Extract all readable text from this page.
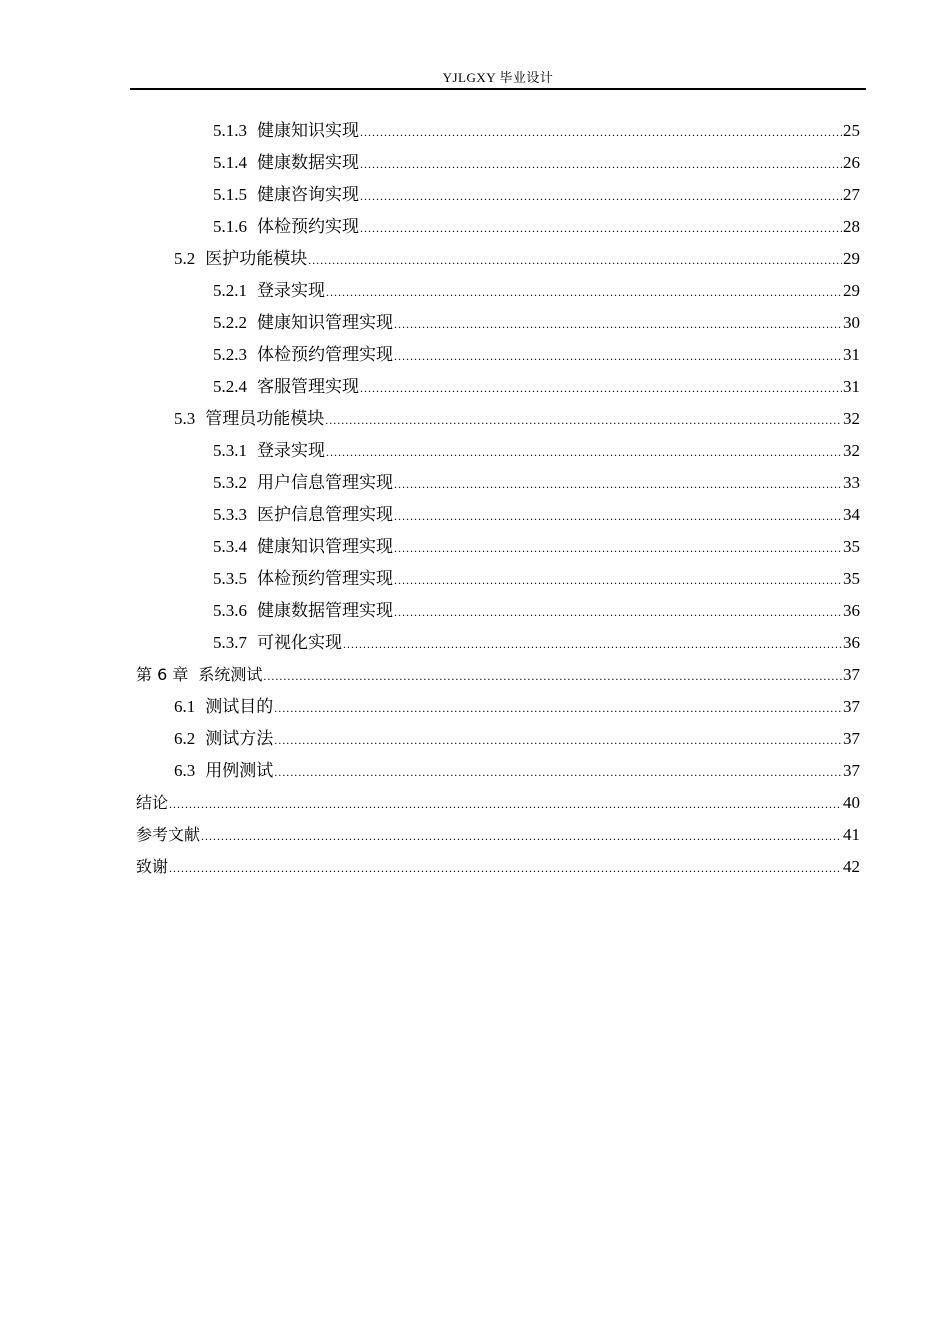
YJLGXY 毕业设计
5.1.3 健康知识实现 .....	25
5.1.4 健康数据实现 .....	26
5.1.5 健康咨询实现 .....	27
5.1.6 体检预约实现 .....	28
5.2 医护功能模块 .....	29
5.2.1 登录实现 .....	29
5.2.2 健康知识管理实现 .....	30
5.2.3 体检预约管理实现 .....	31
5.2.4 客服管理实现 .....	31
5.3 管理员功能模块 .....	32
5.3.1 登录实现 .....	32
5.3.2 用户信息管理实现 .....	33
5.3.3 医护信息管理实现 .....	34
5.3.4 健康知识管理实现 .....	35
5.3.5 体检预约管理实现 .....	35
5.3.6 健康数据管理实现 .....	36
5.3.7 可视化实现 .....	36
第 6 章 系统测试 .....	37
6.1 测试目的 .....	37
6.2 测试方法 .....	37
6.3 用例测试 .....	37
结论 .....	40
参考文献 .....	41
致谢 .....	42
